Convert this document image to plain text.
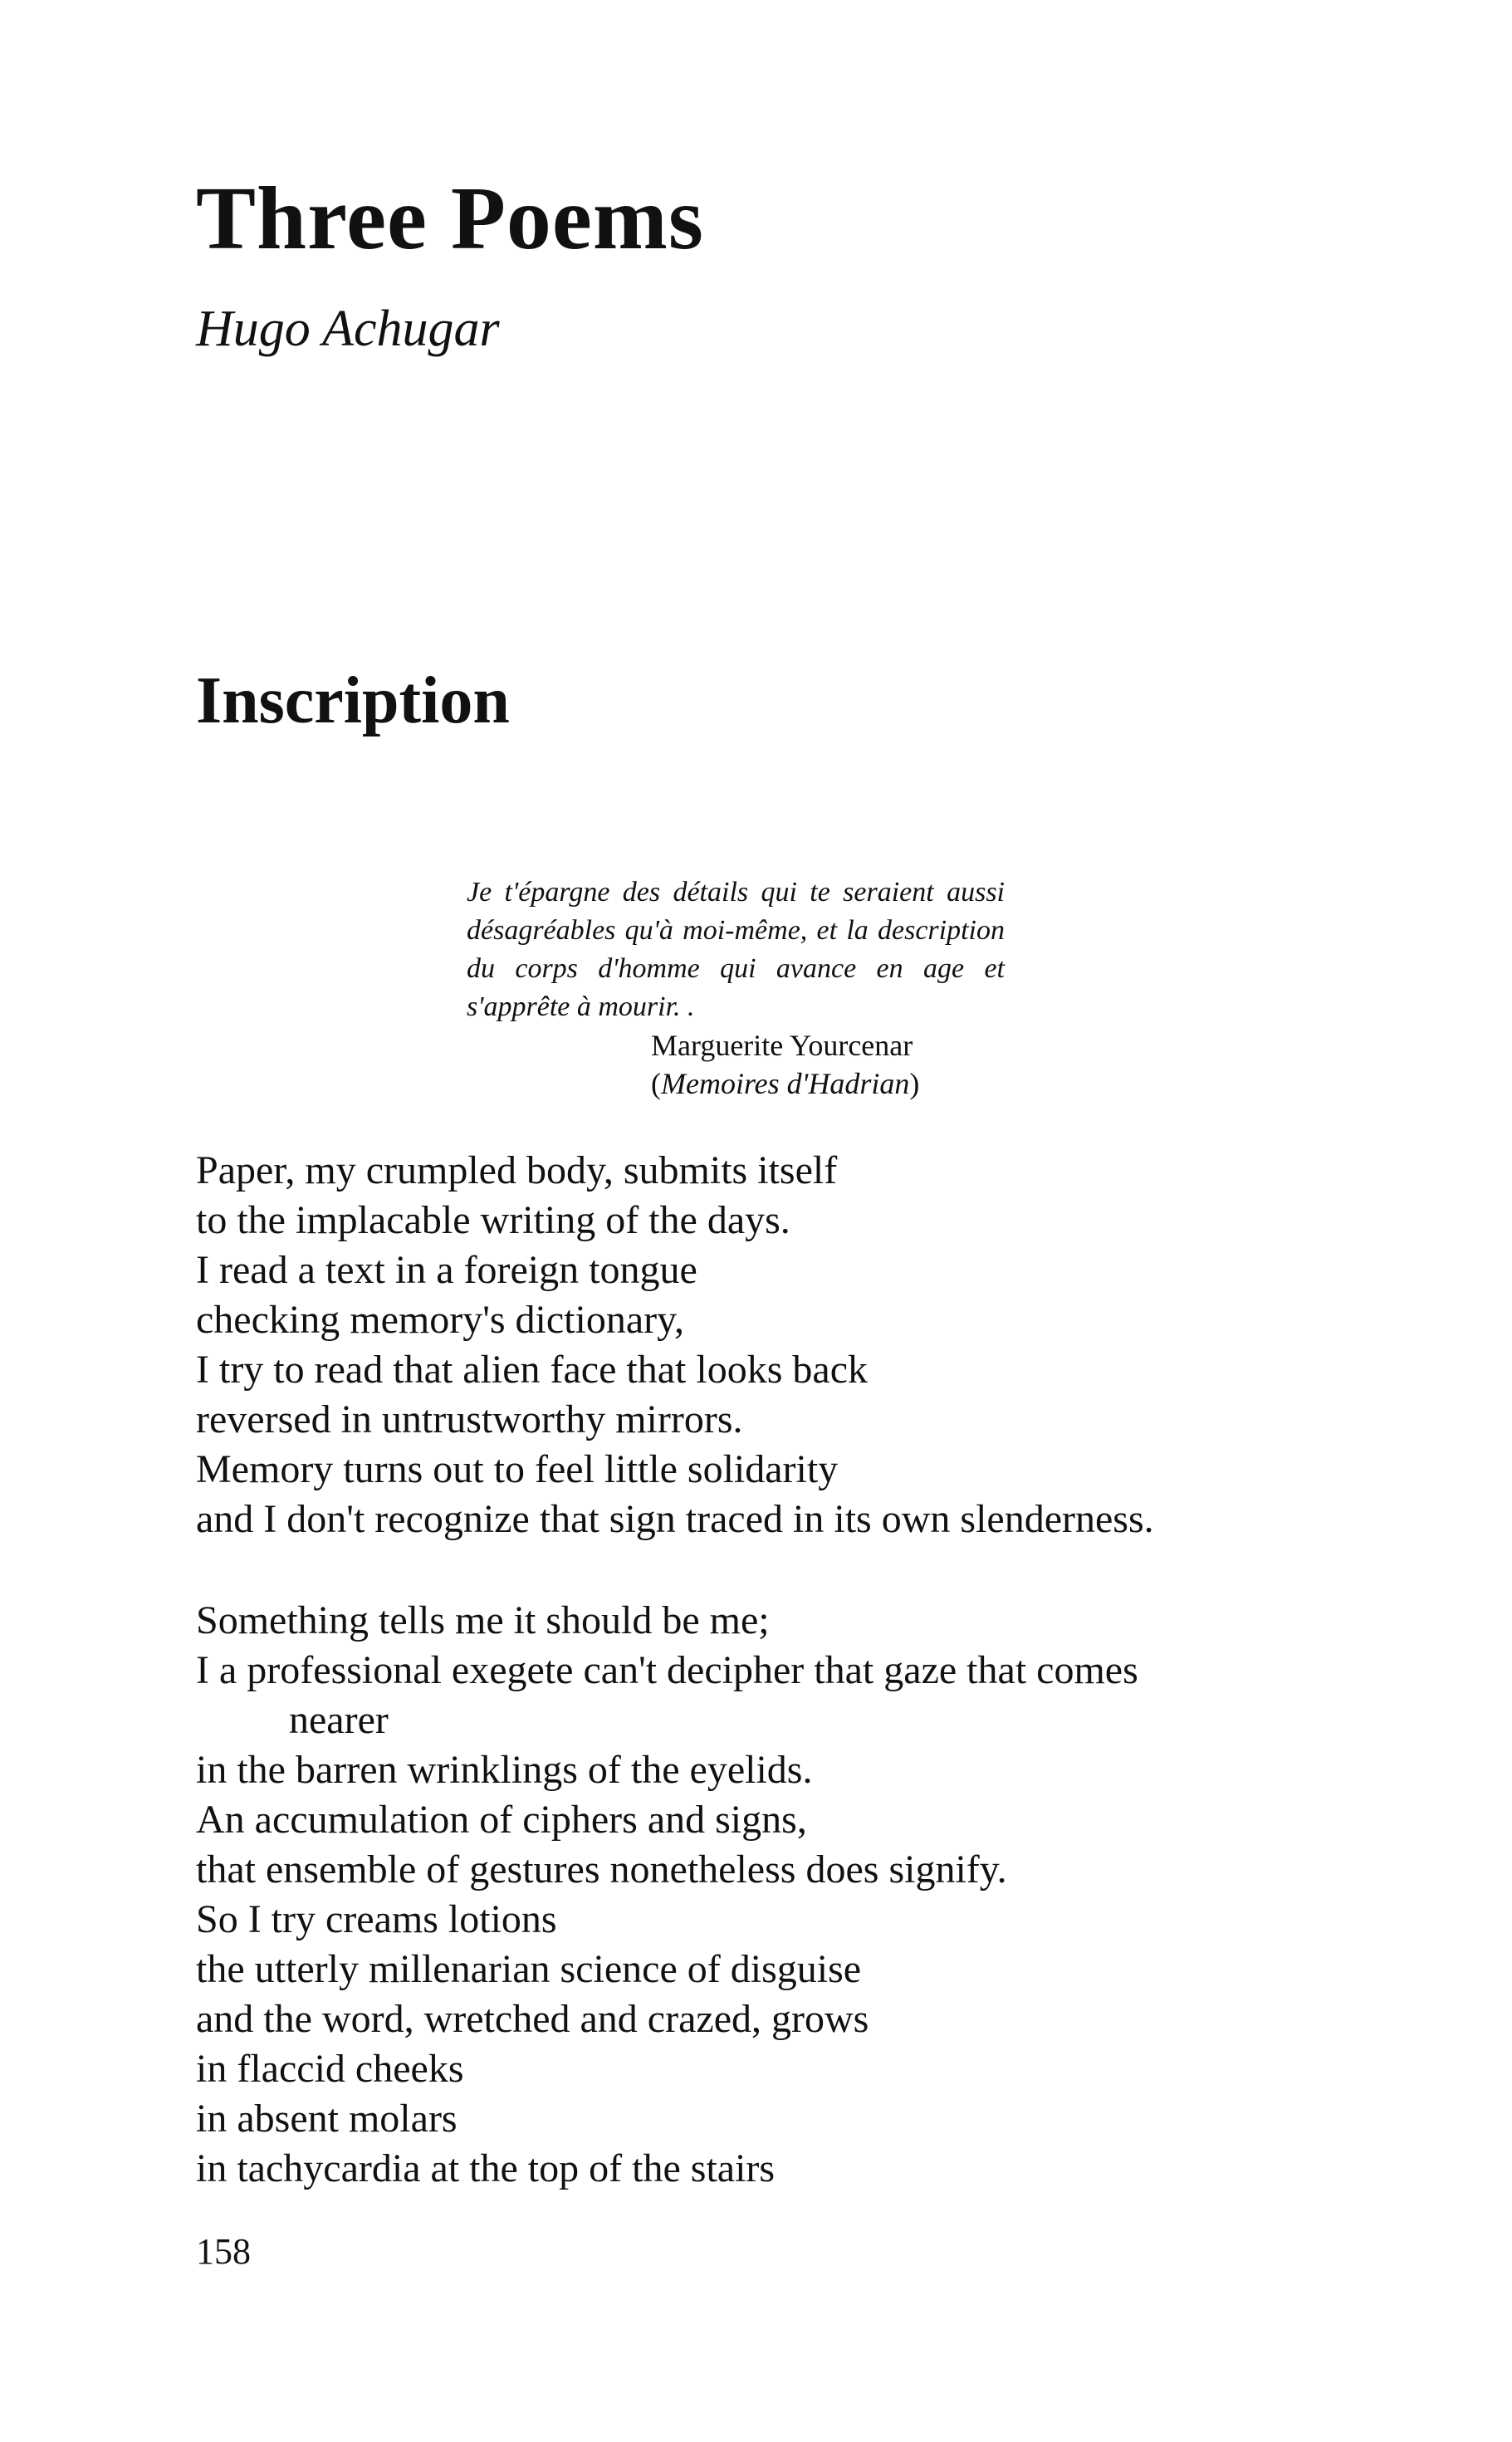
Three Poems

Hugo Achugar

Inscription

Je t'épargne des détails qui te seraient aussi désagréables qu'à moi-même, et la description du corps d'homme qui avance en age et s'apprête à mourir. .

Marguerite Yourcenar

(Memoires d'Hadrian)

Paper, my crumpled body, submits itself

to the implacable writing of the days.

I read a text in a foreign tongue

checking memory's dictionary,

I try to read that alien face that looks back

reversed in untrustworthy mirrors.

Memory turns out to feel little solidarity

and I don't recognize that sign traced in its own slenderness.

Something tells me it should be me;

I a professional exegete can't decipher that gaze that comes

nearer

in the barren wrinklings of the eyelids.

An accumulation of ciphers and signs,

that ensemble of gestures nonetheless does signify.

So I try creams lotions

the utterly millenarian science of disguise

and the word, wretched and crazed, grows

in flaccid cheeks

in absent molars

in tachycardia at the top of the stairs

158
